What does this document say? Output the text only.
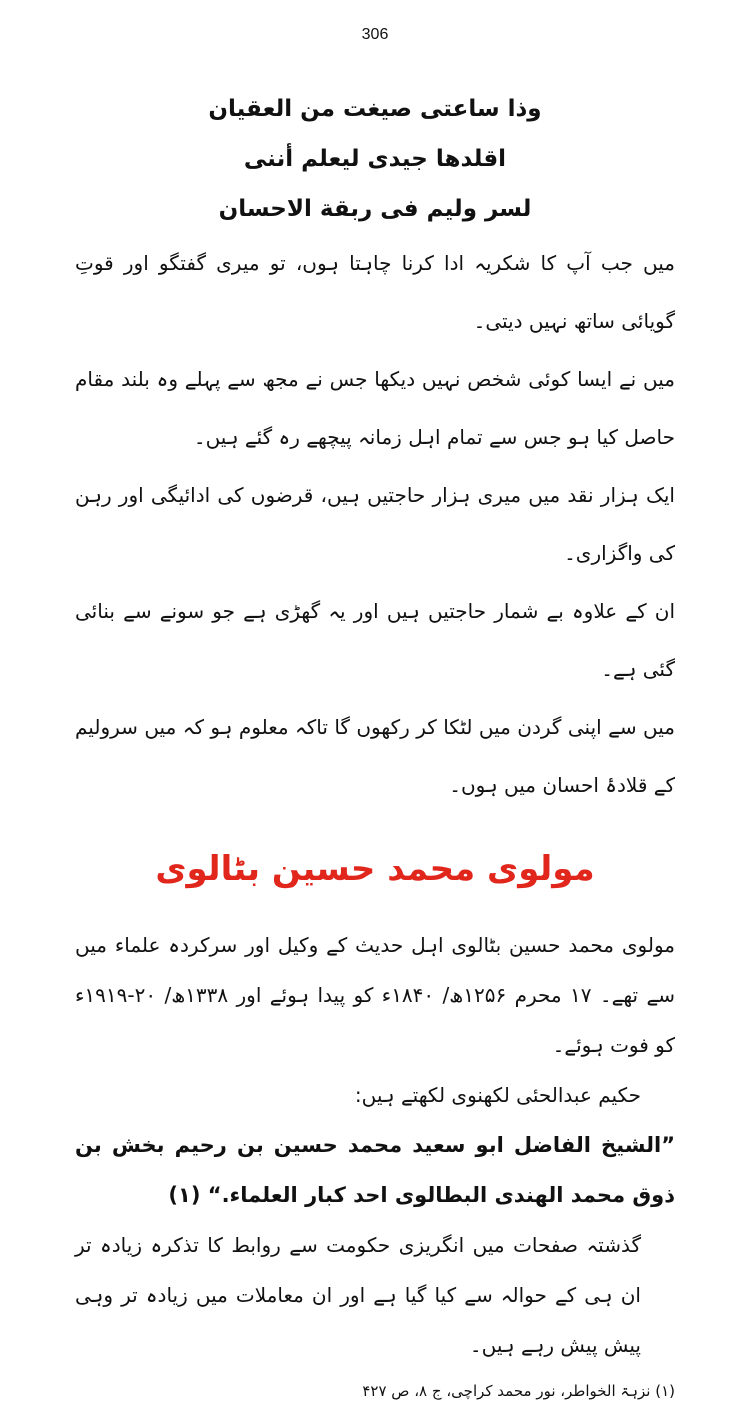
306
وذا ساعتی صیغت من العقیان
اقلدها جیدی لیعلم أننی
لسر ولیم فی ربقة الاحسان

میں جب آپ کا شکریہ ادا کرنا چاہتا ہوں، تو میری گفتگو اور قوتِ گویائی ساتھ نہیں دیتی۔

میں نے ایسا کوئی شخص نہیں دیکھا جس نے مجھ سے پہلے وہ بلند مقام حاصل کیا ہو جس سے تمام اہل زمانہ پیچھے رہ گئے ہیں۔

ایک ہزار نقد میں میری ہزار حاجتیں ہیں، قرضوں کی ادائیگی اور رہن کی واگزاری۔

ان کے علاوہ بے شمار حاجتیں ہیں اور یہ گھڑی ہے جو سونے سے بنائی گئی ہے۔

میں سے اپنی گردن میں لٹکا کر رکھوں گا تاکہ معلوم ہو کہ میں سرولیم کے قلادۂ احسان میں ہوں۔

مولوی محمد حسین بٹالوی

مولوی محمد حسین بٹالوی اہل حدیث کے وکیل اور سرکردہ علماء میں سے تھے۔ ۱۷ محرم ۱۲۵۶ھ/ ۱۸۴۰ء کو پیدا ہوئے اور ۱۳۳۸ھ/ ۲۰-۱۹۱۹ء کو فوت ہوئے۔

حکیم عبدالحئی لکھنوی لکھتے ہیں:

”الشیخ الفاضل ابو سعید محمد حسین بن رحیم بخش بن ذوق محمد الھندی البطالوی احد کبار العلماء.“ (۱)

گذشتہ صفحات میں انگریزی حکومت سے روابط کا تذکرہ زیادہ تر ان ہی کے حوالہ سے کیا گیا ہے اور ان معاملات میں زیادہ تر وہی پیش پیش رہے ہیں۔

(۱) نزہۃ الخواطر، نور محمد کراچی، ج ۸، ص ۴۲۷
